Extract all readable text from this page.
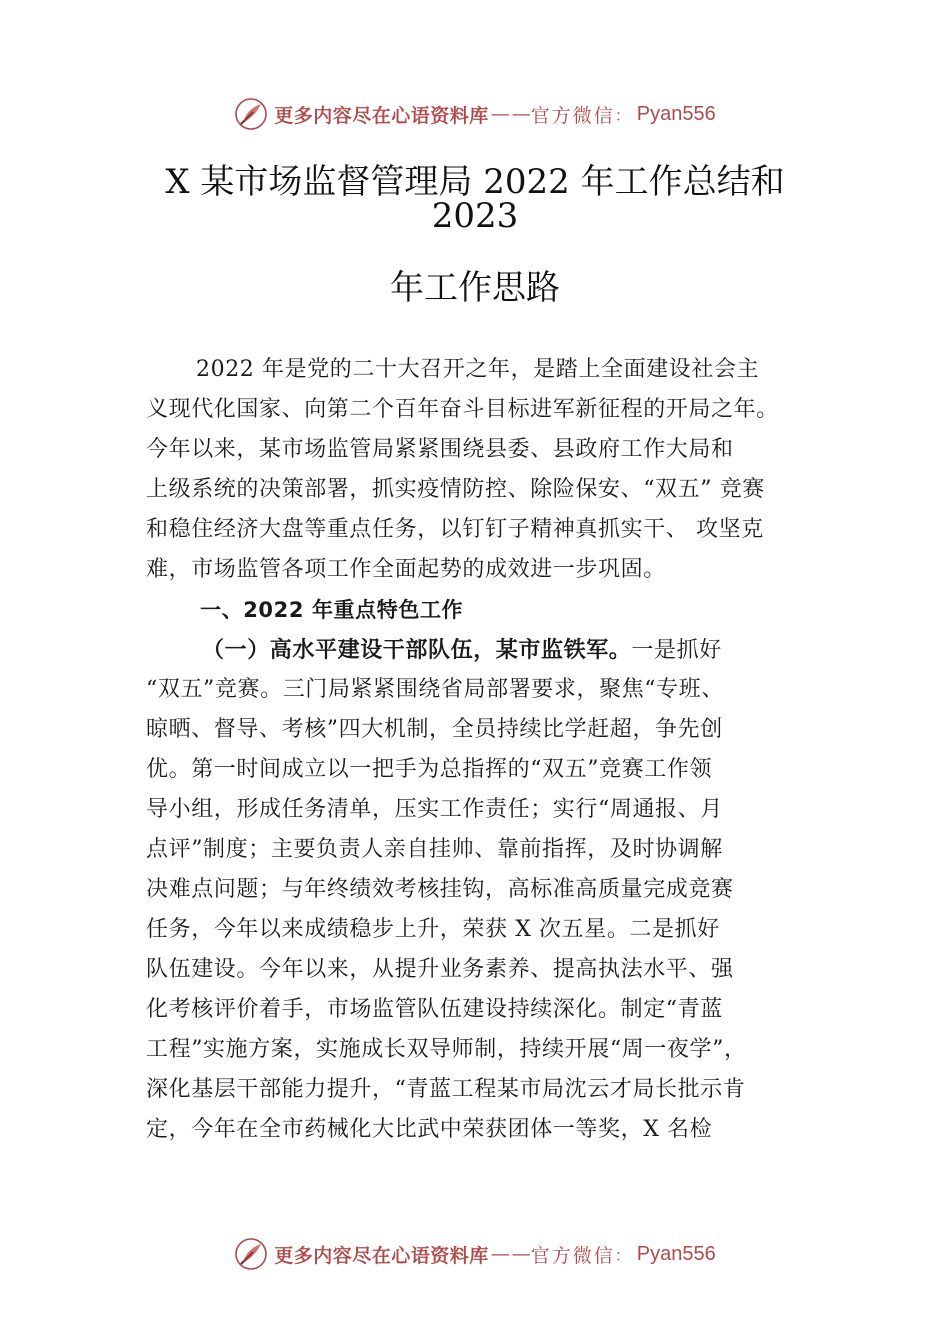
更多内容尽在心语资料库 — — 官方微信 ： Pyan556
X 某市场监督管理局 2022 年工作总结和
2023
年工作思路
2022 年是党的二十大召开之年，是踏上全面建设社会主
义现代化国家、向第二个百年奋斗目标进军新征程的开局之年。
今年以来，某市场监管局紧紧围绕县委、县政府工作大局和
上级系统的决策部署，抓实疫情防控、除险保安、“双五” 竞赛
和稳住经济大盘等重点任务，以钉钉子精神真抓实干、 攻坚克
难，市场监管各项工作全面起势的成效进一步巩固。
一、2022 年重点特色工作
（一）高水平建设干部队伍，某市监铁军。一是抓好
“双五”竞赛。三门局紧紧围绕省局部署要求，聚焦“专班、
晾晒、督导、考核”四大机制，全员持续比学赶超，争先创
优。第一时间成立以一把手为总指挥的“双五”竞赛工作领
导小组，形成任务清单，压实工作责任；实行“周通报、月
点评”制度；主要负责人亲自挂帅、靠前指挥，及时协调解
决难点问题；与年终绩效考核挂钩，高标准高质量完成竞赛
任务，今年以来成绩稳步上升，荣获 X 次五星。二是抓好
队伍建设。今年以来，从提升业务素养、提高执法水平、强
化考核评价着手，市场监管队伍建设持续深化。制定“青蓝
工程”实施方案，实施成长双导师制，持续开展“周一夜学”，
深化基层干部能力提升，“青蓝工程某市局沈云才局长批示肯
定，今年在全市药械化大比武中荣获团体一等奖，X 名检
更多内容尽在心语资料库 — — 官方微信 ： Pyan556
